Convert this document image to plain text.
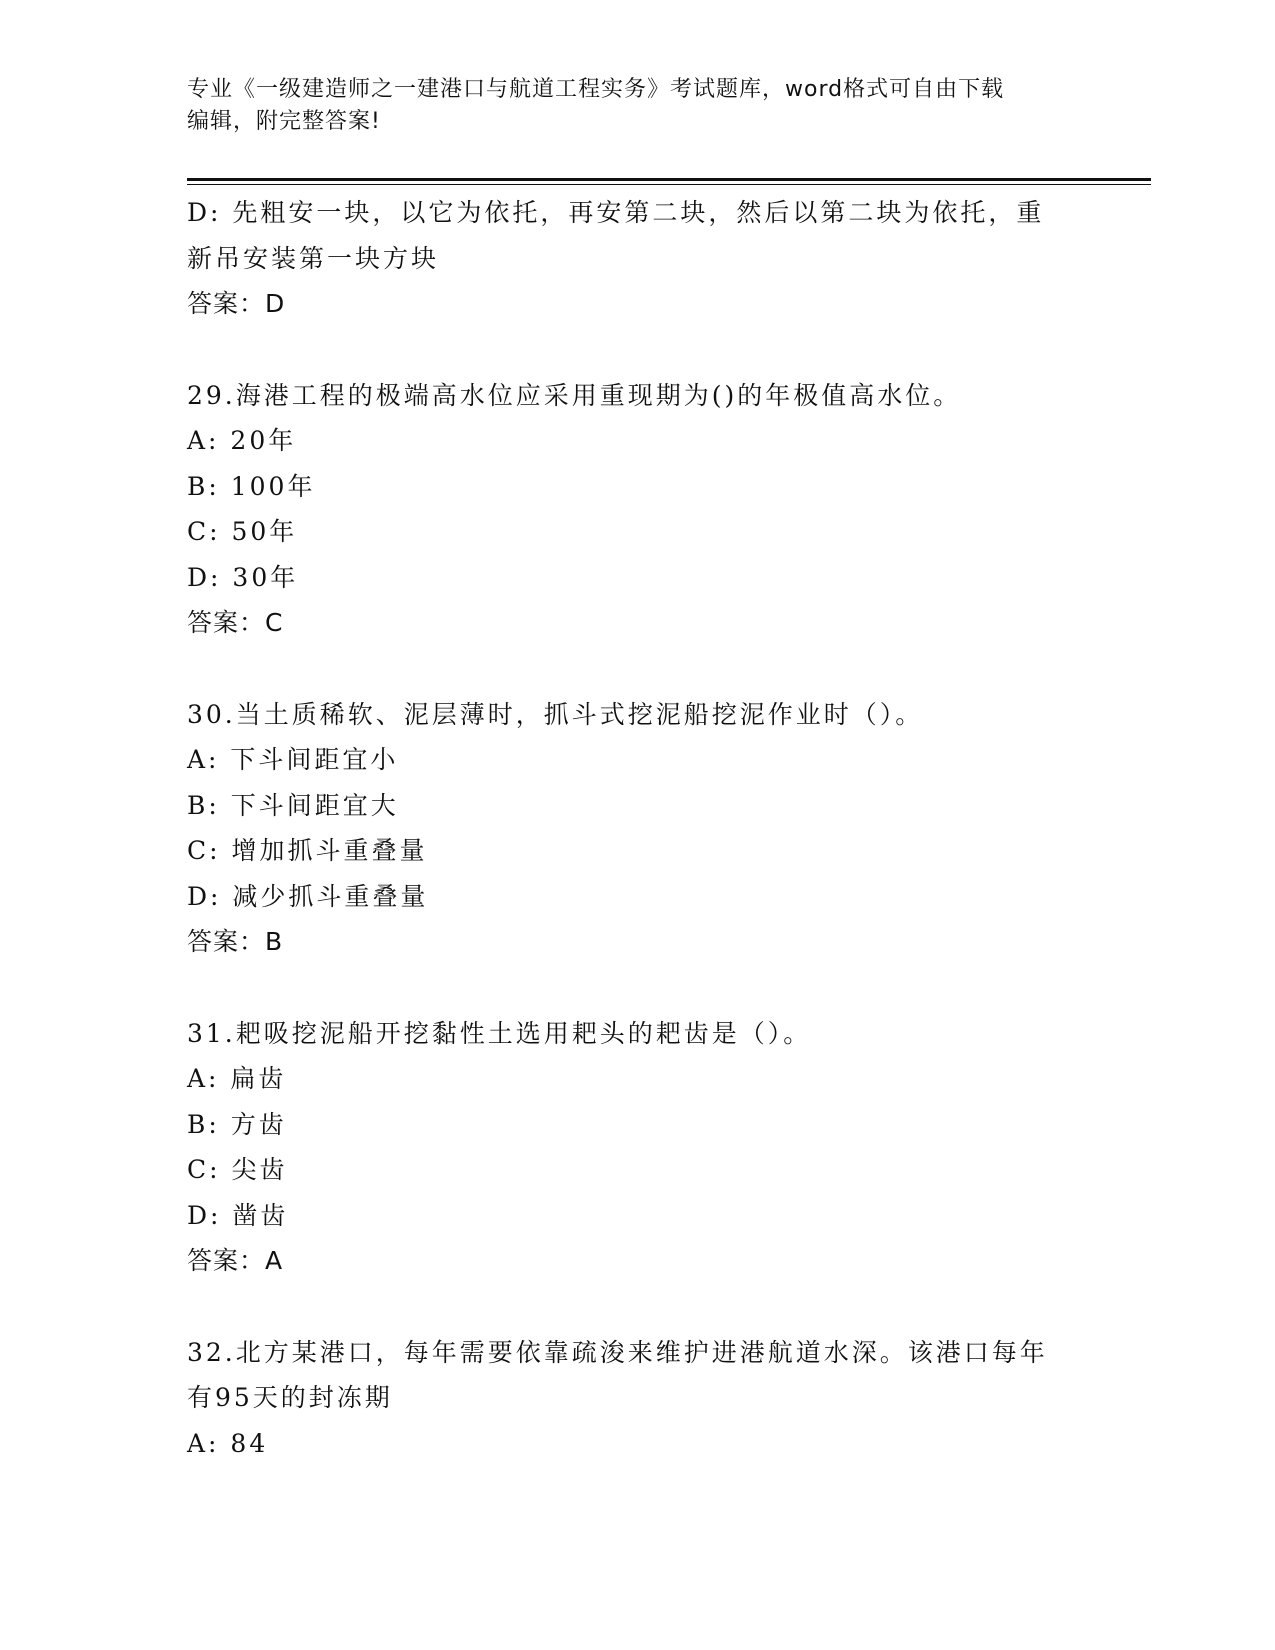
专业《一级建造师之一建港口与航道工程实务》考试题库，word格式可自由下载
编辑，附完整答案!

D: 先粗安一块，以它为依托，再安第二块，然后以第二块为依托，重

新吊安装第一块方块

答案：D

29.海港工程的极端高水位应采用重现期为()的年极值高水位。

A: 20年

B: 100年

C: 50年

D: 30年

答案：C

30.当土质稀软、泥层薄时，抓斗式挖泥船挖泥作业时（）。

A: 下斗间距宜小

B: 下斗间距宜大

C: 增加抓斗重叠量

D: 减少抓斗重叠量

答案：B

31.耙吸挖泥船开挖黏性土选用耙头的耙齿是（）。

A: 扁齿

B: 方齿

C: 尖齿

D: 凿齿

答案：A

32.北方某港口，每年需要依靠疏浚来维护进港航道水深。该港口每年

有95天的封冻期

A: 84
